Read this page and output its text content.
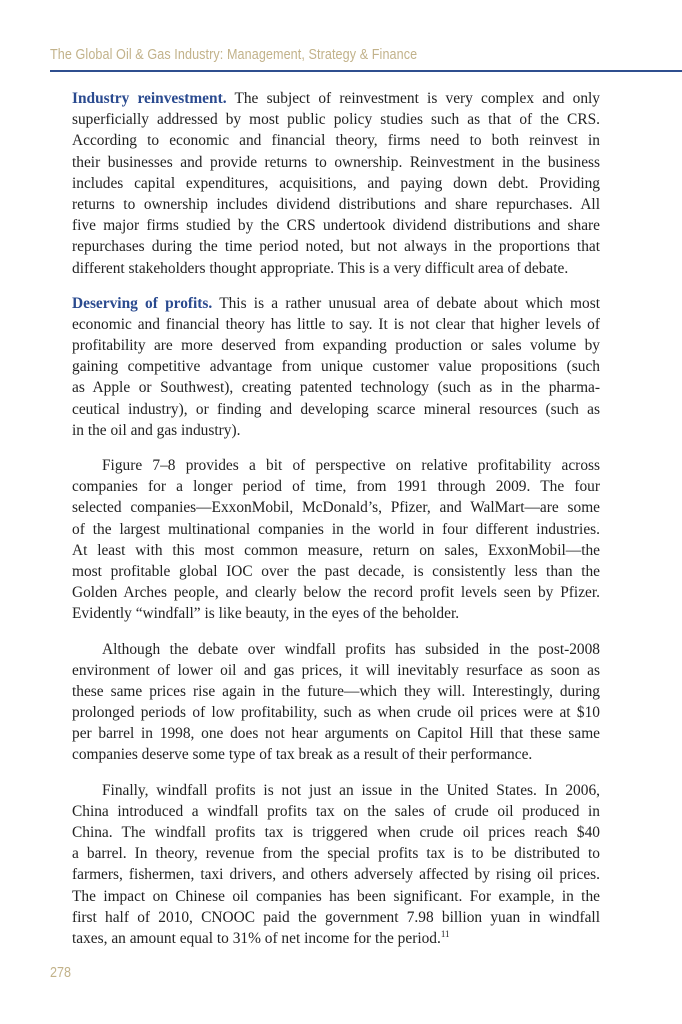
The Global Oil & Gas Industry: Management, Strategy & Finance

Industry reinvestment. The subject of reinvestment is very complex and only
superficially addressed by most public policy studies such as that of the CRS.
According to economic and financial theory, firms need to both reinvest in
their businesses and provide returns to ownership. Reinvestment in the business
includes capital expenditures, acquisitions, and paying down debt. Providing
returns to ownership includes dividend distributions and share repurchases. All
five major firms studied by the CRS undertook dividend distributions and share
repurchases during the time period noted, but not always in the proportions that
different stakeholders thought appropriate. This is a very difficult area of debate.

Deserving of profits. This is a rather unusual area of debate about which most
economic and financial theory has little to say. It is not clear that higher levels of
profitability are more deserved from expanding production or sales volume by
gaining competitive advantage from unique customer value propositions (such
as Apple or Southwest), creating patented technology (such as in the pharma-
ceutical industry), or finding and developing scarce mineral resources (such as
in the oil and gas industry).

Figure 7–8 provides a bit of perspective on relative profitability across
companies for a longer period of time, from 1991 through 2009. The four
selected companies—ExxonMobil, McDonald’s, Pfizer, and WalMart—are some
of the largest multinational companies in the world in four different industries.
At least with this most common measure, return on sales, ExxonMobil—the
most profitable global IOC over the past decade, is consistently less than the
Golden Arches people, and clearly below the record profit levels seen by Pfizer.
Evidently “windfall” is like beauty, in the eyes of the beholder.

Although the debate over windfall profits has subsided in the post-2008
environment of lower oil and gas prices, it will inevitably resurface as soon as
these same prices rise again in the future—which they will. Interestingly, during
prolonged periods of low profitability, such as when crude oil prices were at $10
per barrel in 1998, one does not hear arguments on Capitol Hill that these same
companies deserve some type of tax break as a result of their performance.

Finally, windfall profits is not just an issue in the United States. In 2006,
China introduced a windfall profits tax on the sales of crude oil produced in
China. The windfall profits tax is triggered when crude oil prices reach $40
a barrel. In theory, revenue from the special profits tax is to be distributed to
farmers, fishermen, taxi drivers, and others adversely affected by rising oil prices.
The impact on Chinese oil companies has been significant. For example, in the
first half of 2010, CNOOC paid the government 7.98 billion yuan in windfall
taxes, an amount equal to 31% of net income for the period.$^{11}$

278
